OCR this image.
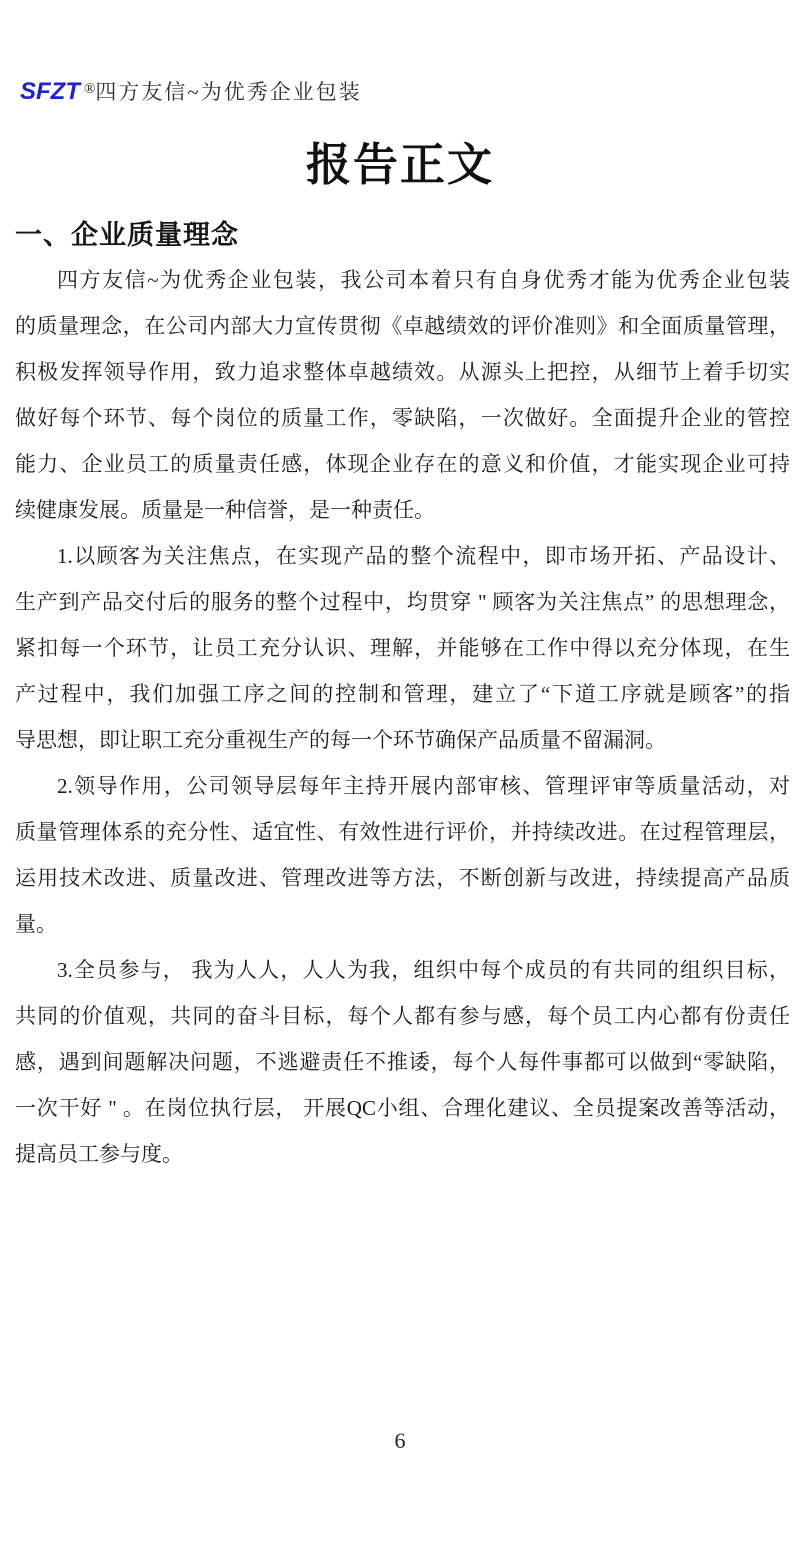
SFZT ®四方友信~为优秀企业包装
报告正文
一、企业质量理念
四方友信~为优秀企业包装，我公司本着只有自身优秀才能为优秀企业包装
的质量理念，在公司内部大力宣传贯彻《卓越绩效的评价准则》和全面质量管理，
积极发挥领导作用，致力追求整体卓越绩效。从源头上把控，从细节上着手切实
做好每个环节、每个岗位的质量工作，零缺陷，一次做好。全面提升企业的管控
能力、企业员工的质量责任感，体现企业存在的意义和价值，才能实现企业可持
续健康发展。质量是一种信誉，是一种责任。
1.以顾客为关注焦点，在实现产品的整个流程中，即市场开拓、产品设计、
生产到产品交付后的服务的整个过程中，均贯穿 " 顾客为关注焦点” 的思想理念，
紧扣每一个环节，让员工充分认识、理解，并能够在工作中得以充分体现，在生
产过程中，我们加强工序之间的控制和管理，建立了“下道工序就是顾客”的指
导思想，即让职工充分重视生产的每一个环节确保产品质量不留漏洞。
2.领导作用，公司领导层每年主持开展内部审核、管理评审等质量活动，对
质量管理体系的充分性、适宜性、有效性进行评价，并持续改进。在过程管理层，
运用技术改进、质量改进、管理改进等方法，不断创新与改进，持续提高产品质
量。
3.全员参与， 我为人人，人人为我，组织中每个成员的有共同的组织目标，
共同的价值观，共同的奋斗目标，每个人都有参与感，每个员工内心都有份责任
感，遇到间题解决问题，不逃避责任不推诿，每个人每件事都可以做到“零缺陷，
一次干好 " 。在岗位执行层， 开展QC小组、合理化建议、全员提案改善等活动，
提高员工参与度。
6
